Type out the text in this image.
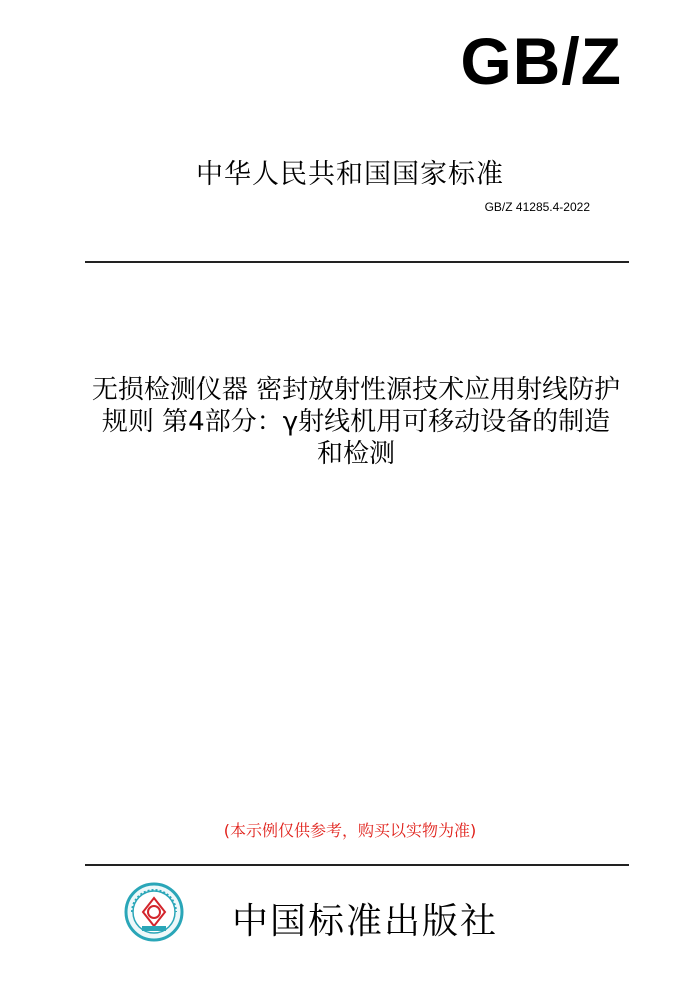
GB/Z
中华人民共和国国家标准
GB/Z 41285.4-2022
无损检测仪器 密封放射性源技术应用射线防护
规则 第4部分：γ射线机用可移动设备的制造
和检测
(本示例仅供参考，购买以实物为准)
中国标准出版社
